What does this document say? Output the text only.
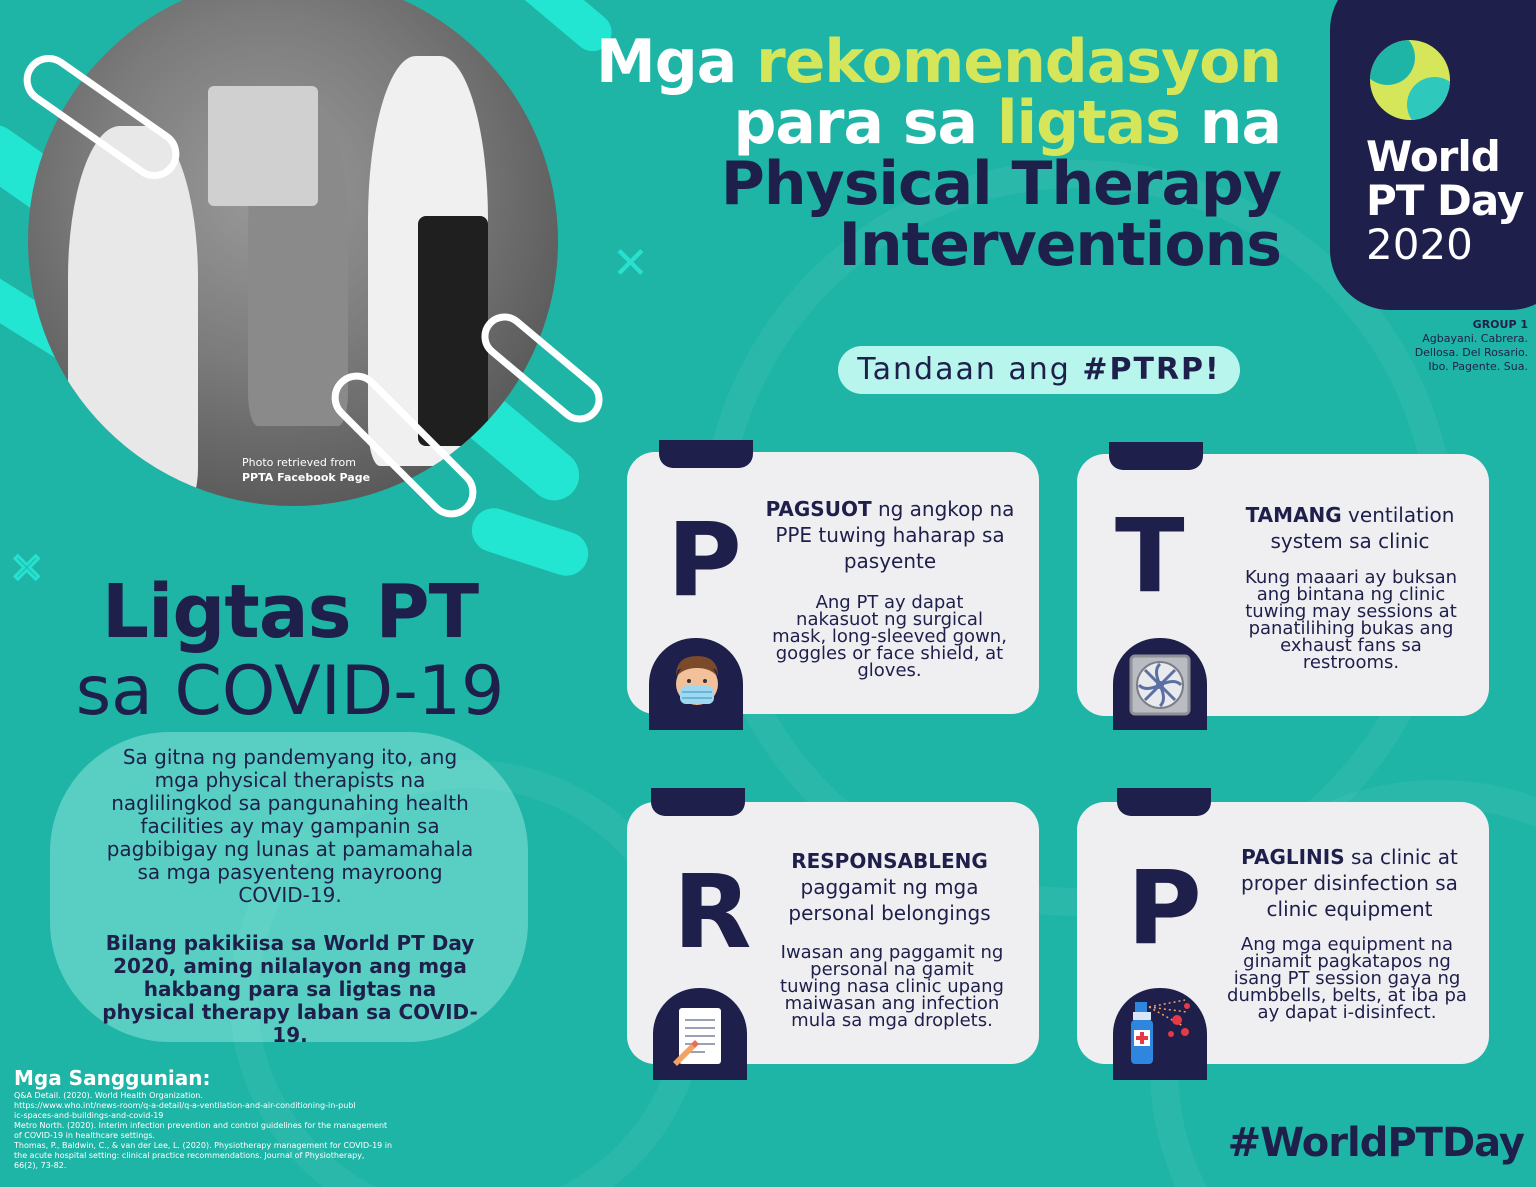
Photo retrieved from
PPTA Facebook Page
✕
✕
Mga rekomendasyon
para sa ligtas na
Physical Therapy
Interventions
World
PT Day
2020
GROUP 1
Agbayani. Cabrera.
Dellosa. Del Rosario.
Ibo. Pagente. Sua.
Tandaan ang #PTRP!
P	PAGSUOT ng angkop na PPE tuwing haharap sa pasyente
Ang PT ay dapat nakasuot ng surgical mask, long-sleeved gown, goggles or face shield, at gloves.
T	TAMANG ventilation system sa clinic
Kung maaari ay buksan ang bintana ng clinic tuwing may sessions at panatilihing bukas ang exhaust fans sa restrooms.
R	RESPONSABLENG paggamit ng mga personal belongings
Iwasan ang paggamit ng personal na gamit tuwing nasa clinic upang maiwasan ang infection mula sa mga droplets.
P	PAGLINIS sa clinic at proper disinfection sa clinic equipment
Ang mga equipment na ginamit pagkatapos ng isang PT session gaya ng dumbbells, belts, at iba pa ay dapat i-disinfect.
Ligtas PT
sa COVID-19
Sa gitna ng pandemyang ito, ang mga physical therapists na naglilingkod sa pangunahing health facilities ay may gampanin sa pagbibigay ng lunas at pamamahala sa mga pasyenteng mayroong COVID-19.
Bilang pakikiisa sa World PT Day 2020, aming nilalayon ang mga hakbang para sa ligtas na physical therapy laban sa COVID-19.
Mga Sanggunian:
Q&A Detail. (2020). World Health Organization.
https://www.who.int/news-room/q-a-detail/q-a-ventilation-and-air-conditioning-in-publ
ic-spaces-and-buildings-and-covid-19
Metro North. (2020). Interim infection prevention and control guidelines for the management
of COVID-19 in healthcare settings.
Thomas, P., Baldwin, C., & van der Lee, L. (2020). Physiotherapy management for COVID-19 in
the acute hospital setting: clinical practice recommendations. Journal of Physiotherapy,
66(2), 73-82.	#WorldPTDay
